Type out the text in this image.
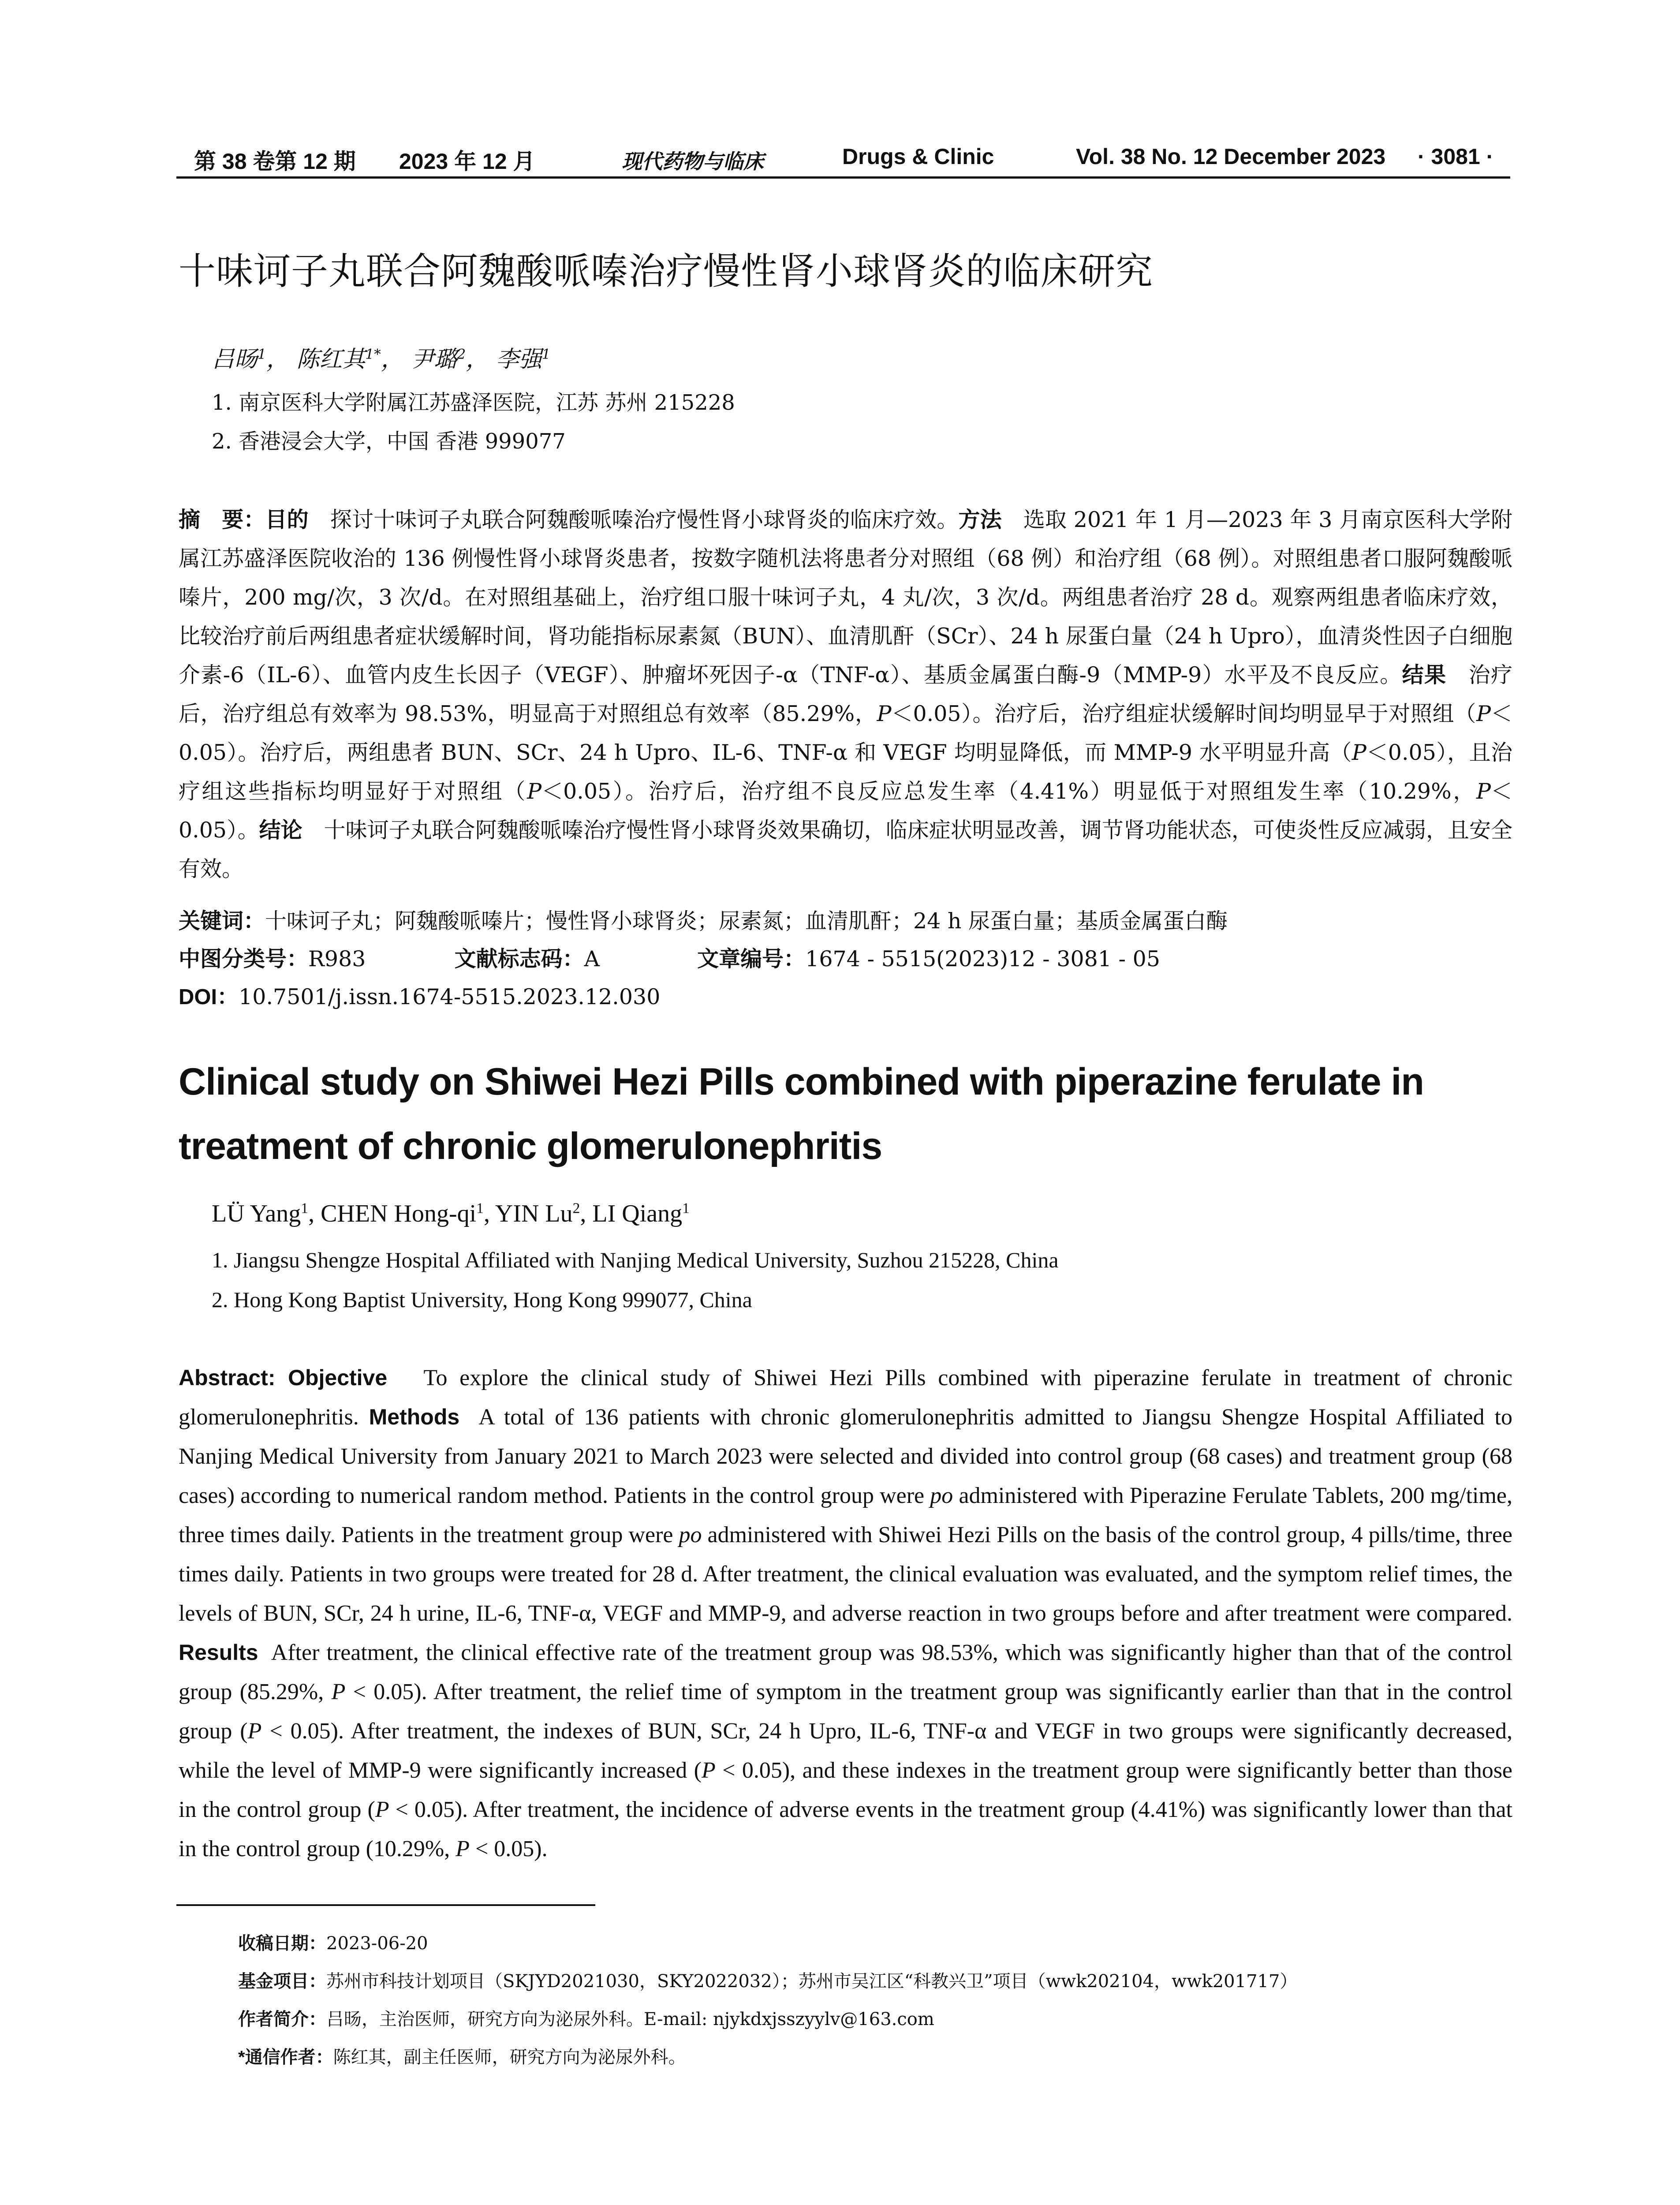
第 38 卷第 12 期 2023 年 12 月	现代药物与临床	Drugs & Clinic	Vol. 38 No. 12 December 2023 · 3081 ·
十味诃子丸联合阿魏酸哌嗪治疗慢性肾小球肾炎的临床研究
吕旸$^1$， 陈红其$^{1*}$， 尹璐$^2$， 李强$^1$
1. 南京医科大学附属江苏盛泽医院，江苏 苏州 215228
2. 香港浸会大学，中国 香港 999077
摘　要：目的　探讨十味诃子丸联合阿魏酸哌嗪治疗慢性肾小球肾炎的临床疗效。方法　选取 2021 年 1 月—2023 年 3 月南京医科大学附属江苏盛泽医院收治的 136 例慢性肾小球肾炎患者，按数字随机法将患者分对照组（68 例）和治疗组（68 例）。对照组患者口服阿魏酸哌嗪片，200 mg/次，3 次/d。在对照组基础上，治疗组口服十味诃子丸，4 丸/次，3 次/d。两组患者治疗 28 d。观察两组患者临床疗效，比较治疗前后两组患者症状缓解时间，肾功能指标尿素氮（BUN）、血清肌酐（SCr）、24 h 尿蛋白量（24 h Upro），血清炎性因子白细胞介素-6（IL-6）、血管内皮生长因子（VEGF）、肿瘤坏死因子-α（TNF-α）、基质金属蛋白酶-9（MMP-9）水平及不良反应。结果　治疗后，治疗组总有效率为 98.53%，明显高于对照组总有效率（85.29%，P＜0.05）。治疗后，治疗组症状缓解时间均明显早于对照组（P＜0.05）。治疗后，两组患者 BUN、SCr、24 h Upro、IL-6、TNF-α 和 VEGF 均明显降低，而 MMP-9 水平明显升高（P＜0.05），且治疗组这些指标均明显好于对照组（P＜0.05）。治疗后，治疗组不良反应总发生率（4.41%）明显低于对照组发生率（10.29%，P＜0.05）。结论　十味诃子丸联合阿魏酸哌嗪治疗慢性肾小球肾炎效果确切，临床症状明显改善，调节肾功能状态，可使炎性反应减弱，且安全有效。
关键词：十味诃子丸；阿魏酸哌嗪片；慢性肾小球肾炎；尿素氮；血清肌酐；24 h 尿蛋白量；基质金属蛋白酶
中图分类号：R983	文献标志码：A	文章编号：1674 - 5515(2023)12 - 3081 - 05
DOI：10.7501/j.issn.1674-5515.2023.12.030
Clinical study on Shiwei Hezi Pills combined with piperazine ferulate in treatment of chronic glomerulonephritis
LÜ Yang$^1$, CHEN Hong-$qi^1$, YIN Lu$^2$, LI Qiang$^1$
1. Jiangsu Shengze Hospital Affiliated with Nanjing Medical University, Suzhou 215228, China
2. Hong Kong Baptist University, Hong Kong 999077, China
Abstract: Objective To explore the clinical study of Shiwei Hezi Pills combined with piperazine ferulate in treatment of chronic glomerulonephritis. Methods A total of 136 patients with chronic glomerulonephritis admitted to Jiangsu Shengze Hospital Affiliated to Nanjing Medical University from January 2021 to March 2023 were selected and divided into control group (68 cases) and treatment group (68 cases) according to numerical random method. Patients in the control group were po administered with Piperazine Ferulate Tablets, 200 mg/time, three times daily. Patients in the treatment group were po administered with Shiwei Hezi Pills on the basis of the control group, 4 pills/time, three times daily. Patients in two groups were treated for 28 d. After treatment, the clinical evaluation was evaluated, and the symptom relief times, the levels of BUN, SCr, 24 h urine, IL-6, TNF-α, VEGF and MMP-9, and adverse reaction in two groups before and after treatment were compared. Results After treatment, the clinical effective rate of the treatment group was 98.53%, which was significantly higher than that of the control group (85.29%, P < 0.05). After treatment, the relief time of symptom in the treatment group was significantly earlier than that in the control group (P < 0.05). After treatment, the indexes of BUN, SCr, 24 h Upro, IL-6, TNF-α and VEGF in two groups were significantly decreased, while the level of MMP-9 were significantly increased (P < 0.05), and these indexes in the treatment group were significantly better than those in the control group (P < 0.05). After treatment, the incidence of adverse events in the treatment group (4.41%) was significantly lower than that in the control group (10.29%, P < 0.05).
收稿日期：2023-06-20
基金项目：苏州市科技计划项目（SKJYD2021030，SKY2022032）；苏州市吴江区“科教兴卫”项目（wwk202104，wwk201717）
作者简介：吕旸，主治医师，研究方向为泌尿外科。E-mail: njykdxjsszyylv@163.com
*通信作者：陈红其，副主任医师，研究方向为泌尿外科。
